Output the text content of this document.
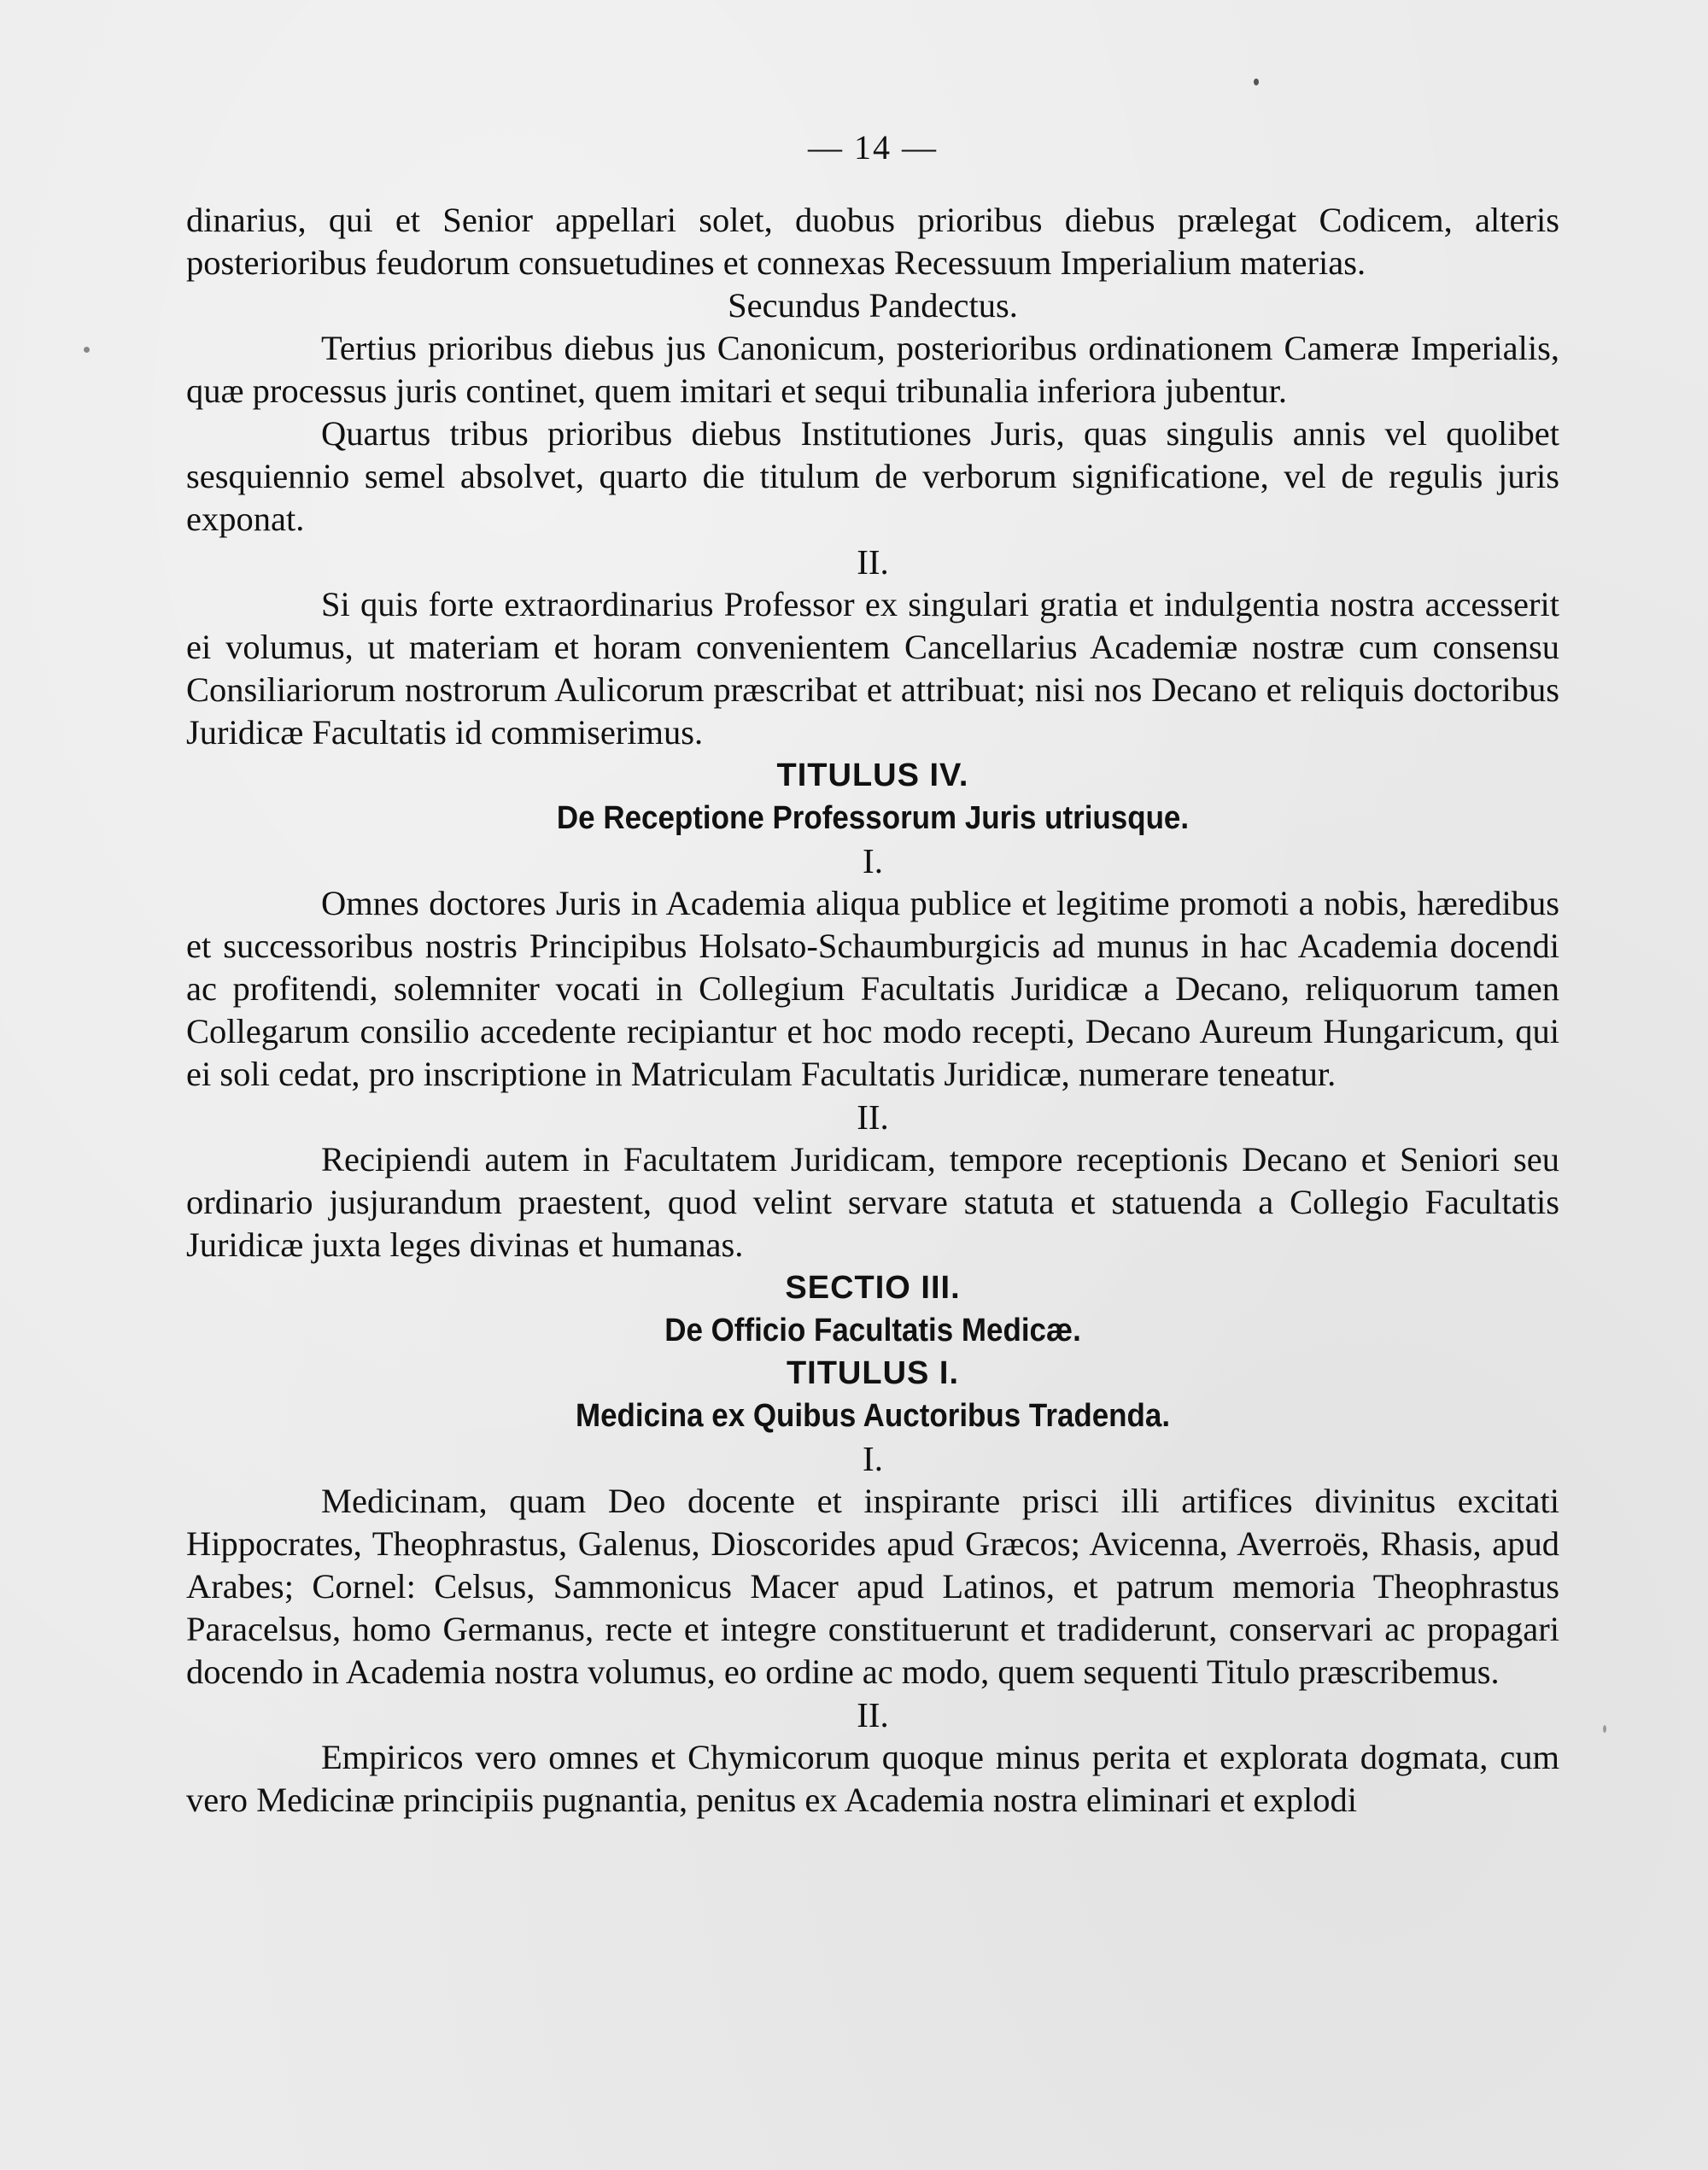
— 14 —

dinarius, qui et Senior appellari solet, duobus prioribus diebus prælegat Codicem, alteris posterioribus feudorum consuetudines et connexas Recessuum Imperialium materias.

Secundus Pandectus.

Tertius prioribus diebus jus Canonicum, posterioribus ordinationem Cameræ Imperialis, quæ processus juris continet, quem imitari et sequi tribunalia inferiora jubentur.

Quartus tribus prioribus diebus Institutiones Juris, quas singulis annis vel quolibet sesquiennio semel absolvet, quarto die titulum de verborum significatione, vel de regulis juris exponat.

II.

Si quis forte extraordinarius Professor ex singulari gratia et indulgentia nostra accesserit ei volumus, ut materiam et horam convenientem Cancellarius Academiæ nostræ cum consensu Consiliariorum nostrorum Aulicorum præscribat et attribuat; nisi nos Decano et reliquis doctoribus Juridicæ Facultatis id commiserimus.

TITULUS IV.
De Receptione Professorum Juris utriusque.
I.

Omnes doctores Juris in Academia aliqua publice et legitime promoti a nobis, hæredibus et successoribus nostris Principibus Holsato-Schaumburgicis ad munus in hac Academia docendi ac profitendi, solemniter vocati in Collegium Facultatis Juridicæ a Decano, reliquorum tamen Collegarum consilio accedente recipiantur et hoc modo recepti, Decano Aureum Hungaricum, qui ei soli cedat, pro inscriptione in Matriculam Facultatis Juridicæ, numerare teneatur.

II.

Recipiendi autem in Facultatem Juridicam, tempore receptionis Decano et Seniori seu ordinario jusjurandum praestent, quod velint servare statuta et statuenda a Collegio Facultatis Juridicæ juxta leges divinas et humanas.

SECTIO III.
De Officio Facultatis Medicæ.
TITULUS I.
Medicina ex Quibus Auctoribus Tradenda.
I.

Medicinam, quam Deo docente et inspirante prisci illi artifices divinitus excitati Hippocrates, Theophrastus, Galenus, Dioscorides apud Græcos; Avicenna, Averroës, Rhasis, apud Arabes; Cornel: Celsus, Sammonicus Macer apud Latinos, et patrum memoria Theophrastus Paracelsus, homo Germanus, recte et integre constituerunt et tradiderunt, conservari ac propagari docendo in Academia nostra volumus, eo ordine ac modo, quem sequenti Titulo præscribemus.

II.

Empiricos vero omnes et Chymicorum quoque minus perita et explorata dogmata, cum vero Medicinæ principiis pugnantia, penitus ex Academia nostra eliminari et explodi
